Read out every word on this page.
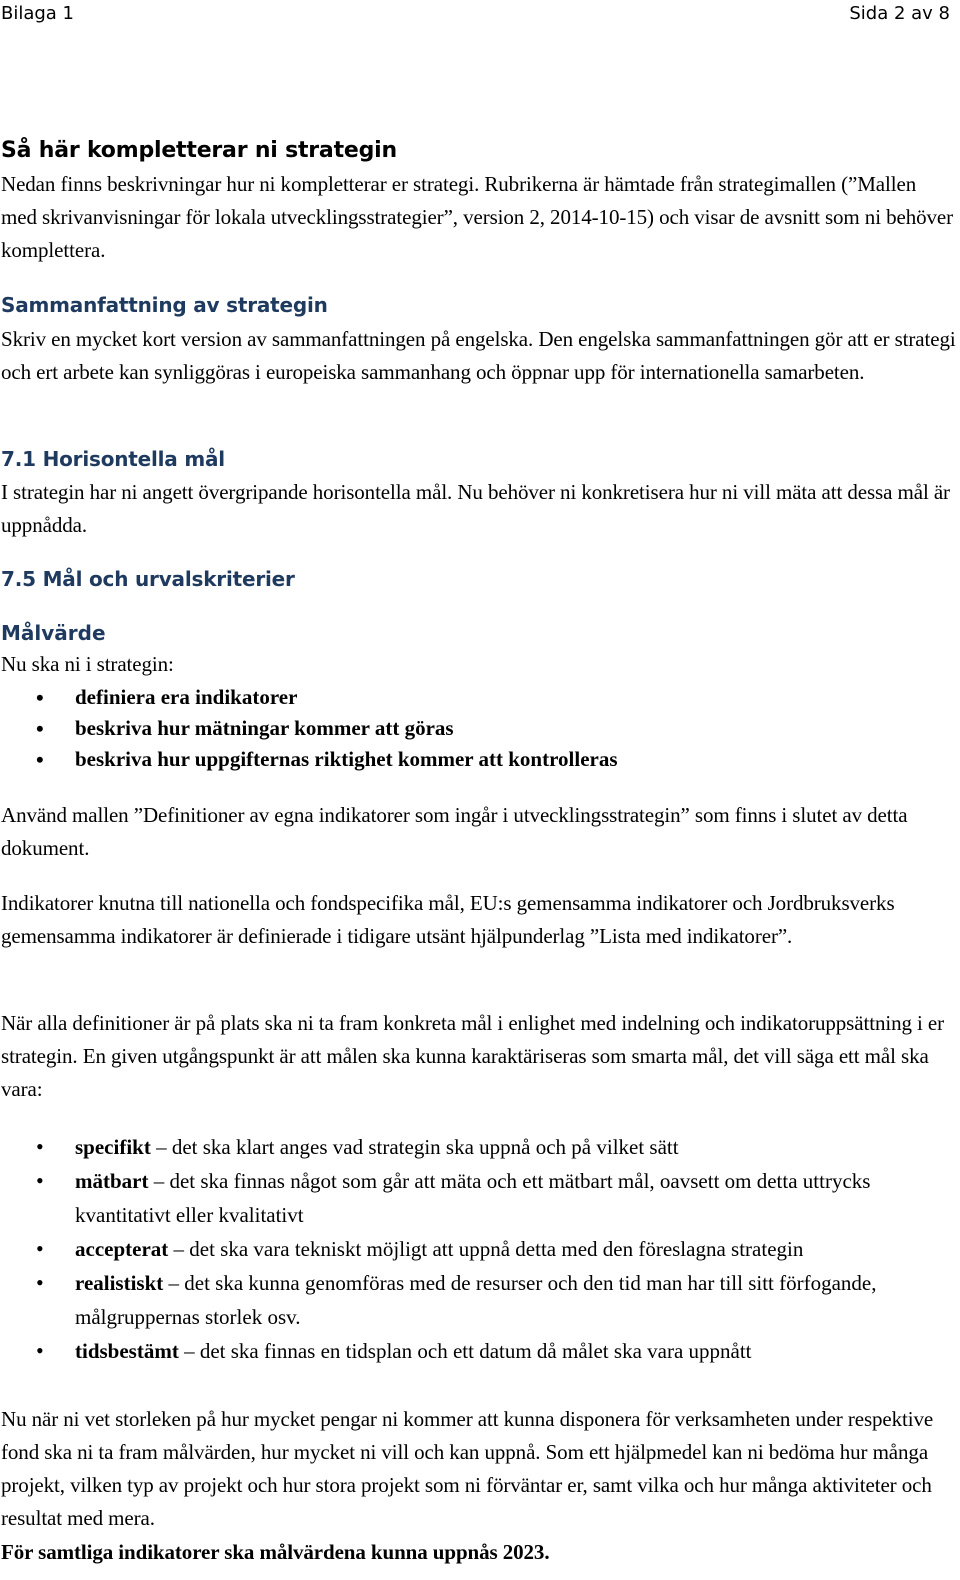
Bilaga 1	Sida 2 av 8
Så här kompletterar ni strategin

Nedan finns beskrivningar hur ni kompletterar er strategi. Rubrikerna är hämtade från strategimallen (”Mallen med skrivanvisningar för lokala utvecklingsstrategier”, version 2, 2014-10-15) och visar de avsnitt som ni behöver komplettera.

Sammanfattning av strategin

Skriv en mycket kort version av sammanfattningen på engelska. Den engelska sammanfattningen gör att er strategi och ert arbete kan synliggöras i europeiska sammanhang och öppnar upp för internationella samarbeten.

7.1 Horisontella mål

I strategin har ni angett övergripande horisontella mål. Nu behöver ni konkretisera hur ni vill mäta att dessa mål är uppnådda.

7.5 Mål och urvalskriterier
Målvärde

Nu ska ni i strategin:

• definiera era indikatorer
• beskriva hur mätningar kommer att göras
• beskriva hur uppgifternas riktighet kommer att kontrolleras

Använd mallen ”Definitioner av egna indikatorer som ingår i utvecklingsstrategin” som finns i slutet av detta dokument.

Indikatorer knutna till nationella och fondspecifika mål, EU:s gemensamma indikatorer och Jordbruksverks gemensamma indikatorer är definierade i tidigare utsänt hjälpunderlag ”Lista med indikatorer”.

När alla definitioner är på plats ska ni ta fram konkreta mål i enlighet med indelning och indikatoruppsättning i er strategin. En given utgångspunkt är att målen ska kunna karaktäriseras som smarta mål, det vill säga ett mål ska vara:

• specifikt – det ska klart anges vad strategin ska uppnå och på vilket sätt
• mätbart – det ska finnas något som går att mäta och ett mätbart mål, oavsett om detta uttrycks kvantitativt eller kvalitativt
• accepterat – det ska vara tekniskt möjligt att uppnå detta med den föreslagna strategin
• realistiskt – det ska kunna genomföras med de resurser och den tid man har till sitt förfogande, målgruppernas storlek osv.
• tidsbestämt – det ska finnas en tidsplan och ett datum då målet ska vara uppnått

Nu när ni vet storleken på hur mycket pengar ni kommer att kunna disponera för verksamheten under respektive fond ska ni ta fram målvärden, hur mycket ni vill och kan uppnå. Som ett hjälpmedel kan ni bedöma hur många projekt, vilken typ av projekt och hur stora projekt som ni förväntar er, samt vilka och hur många aktiviteter och resultat med mera.

För samtliga indikatorer ska målvärdena kunna uppnås 2023.
